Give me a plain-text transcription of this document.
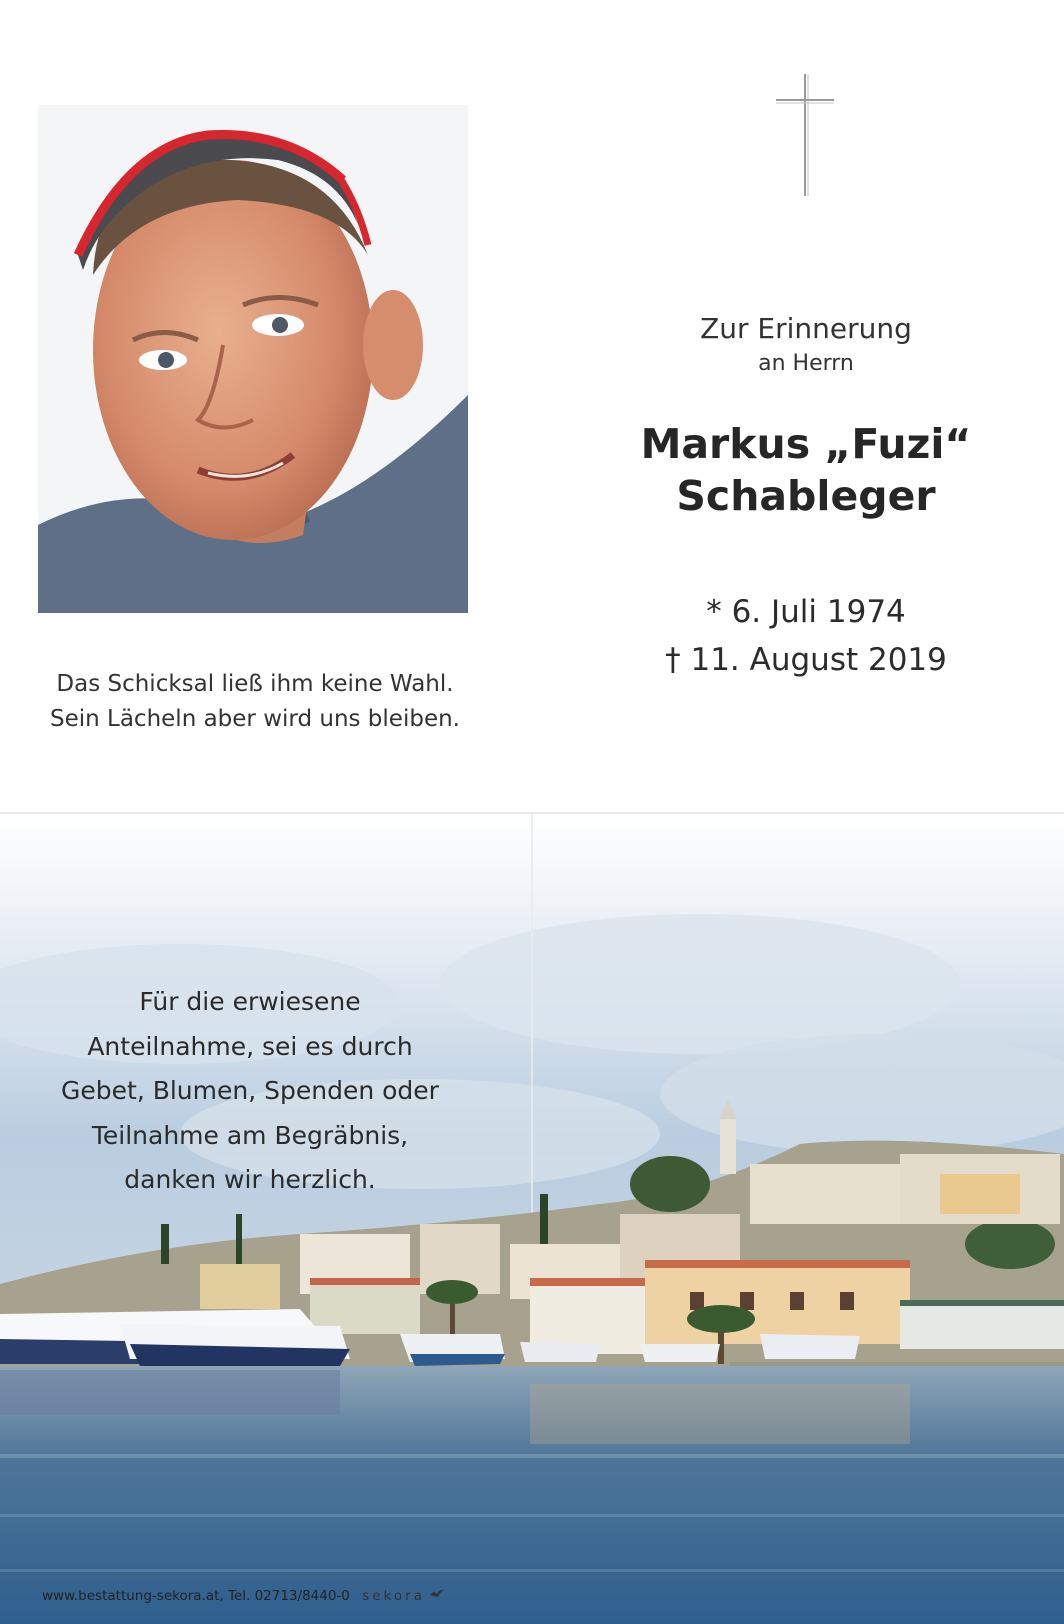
Das Schicksal ließ ihm keine Wahl.
Sein Lächeln aber wird uns bleiben.
Zur Erinnerung
an Herrn
Markus „Fuzi“
Schableger
* 6. Juli 1974
† 11. August 2019
Für die erwiesene
Anteilnahme, sei es durch
Gebet, Blumen, Spenden oder
Teilnahme am Begräbnis,
danken wir herzlich.
www.bestattung-sekora.at, Tel. 02713/8440-0 sekora
